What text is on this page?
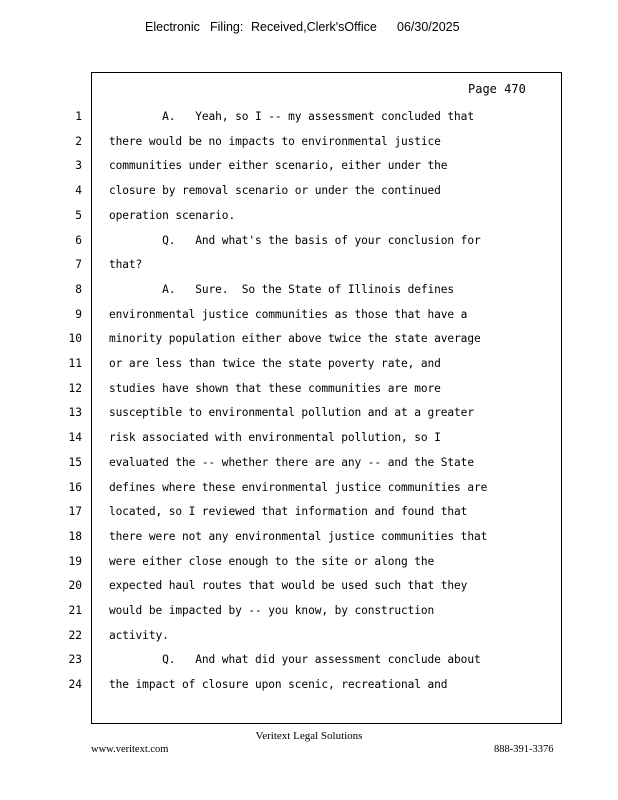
Electronic Filing: Received,Clerk'sOffice 06/30/2025
Page 470
1 A.   Yeah, so I -- my assessment concluded that
2 there would be no impacts to environmental justice
3 communities under either scenario, either under the
4 closure by removal scenario or under the continued
5 operation scenario.
6 Q.   And what's the basis of your conclusion for
7 that?
8 A.   Sure.  So the State of Illinois defines
9 environmental justice communities as those that have a
10 minority population either above twice the state average
11 or are less than twice the state poverty rate, and
12 studies have shown that these communities are more
13 susceptible to environmental pollution and at a greater
14 risk associated with environmental pollution, so I
15 evaluated the -- whether there are any -- and the State
16 defines where these environmental justice communities are
17 located, so I reviewed that information and found that
18 there were not any environmental justice communities that
19 were either close enough to the site or along the
20 expected haul routes that would be used such that they
21 would be impacted by -- you know, by construction
22 activity.
23 Q.   And what did your assessment conclude about
24 the impact of closure upon scenic, recreational and
Veritext Legal Solutions
www.veritext.com	888-391-3376
